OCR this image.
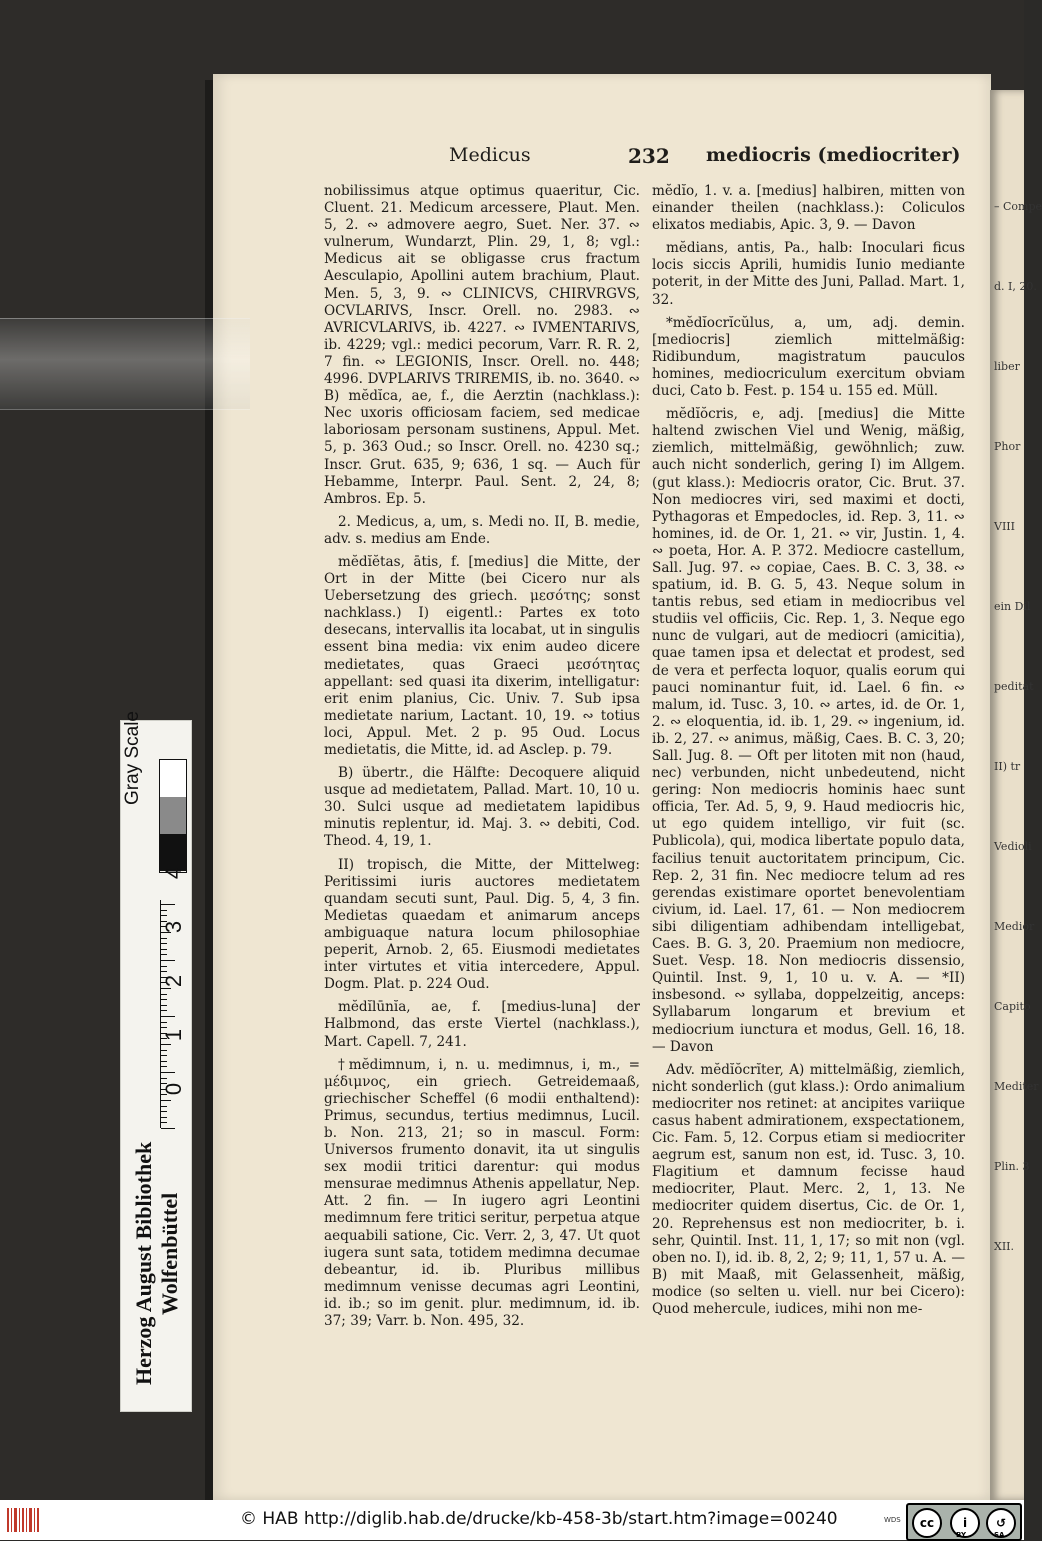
– Compe
d. I, 20.
liber
Phor
VIII
ein Dil
peditat
II) tr
Vedioli
Medior
Capito
Mediter
Plin. 3
XII.
Medicus	232 mediocris (mediocriter)

nobilissimus atque optimus quaeritur, Cic. Cluent. 21. Medicum arcessere, Plaut. Men. 5, 2. ∾ admovere aegro, Suet. Ner. 37. ∾ vulnerum, Wundarzt, Plin. 29, 1, 8; vgl.: Medicus ait se obligasse crus fractum Aesculapio, Apollini autem brachium, Plaut. Men. 5, 3, 9. ∾ CLINICVS, CHIRVRGVS, OCVLARIVS, Inscr. Orell. no. 2983. ∾ AVRICVLARIVS, ib. 4227. ∾ IVMENTARIVS, ib. 4229; vgl.: medici pecorum, Varr. R. R. 2, 7 fin. ∾ LEGIONIS, Inscr. Orell. no. 448; 4996. DVPLARIVS TRIREMIS, ib. no. 3640. ∾ B) mĕdĭca, ae, f., die Aerztin (nachklass.): Nec uxoris officiosam faciem, sed medicae laboriosam personam sustinens, Appul. Met. 5, p. 363 Oud.; so Inscr. Orell. no. 4230 sq.; Inscr. Grut. 635, 9; 636, 1 sq. — Auch für Hebamme, Interpr. Paul. Sent. 2, 24, 8; Ambros. Ep. 5.

2. Medicus, a, um, s. Medi no. II, B. medie, adv. s. medius am Ende.

mĕdĭĕtas, ātis, f. [medius] die Mitte, der Ort in der Mitte (bei Cicero nur als Uebersetzung des griech. μεσότης; sonst nachklass.) I) eigentl.: Partes ex toto desecans, intervallis ita locabat, ut in singulis essent bina media: vix enim audeo dicere medietates, quas Graeci μεσότητας appellant: sed quasi ita dixerim, intelligatur: erit enim planius, Cic. Univ. 7. Sub ipsa medietate narium, Lactant. 10, 19. ∾ totius loci, Appul. Met. 2 p. 95 Oud. Locus medietatis, die Mitte, id. ad Asclep. p. 79.

B) übertr., die Hälfte: Decoquere aliquid usque ad medietatem, Pallad. Mart. 10, 10 u. 30. Sulci usque ad medietatem lapidibus minutis replentur, id. Maj. 3. ∾ debiti, Cod. Theod. 4, 19, 1.

II) tropisch, die Mitte, der Mittelweg: Peritissimi iuris auctores medietatem quandam secuti sunt, Paul. Dig. 5, 4, 3 fin. Medietas quaedam et animarum anceps ambiguaque natura locum philosophiae peperit, Arnob. 2, 65. Eiusmodi medietates inter virtutes et vitia intercedere, Appul. Dogm. Plat. p. 224 Oud.

mĕdĭlūnĭa, ae, f. [medius-luna] der Halbmond, das erste Viertel (nachklass.), Mart. Capell. 7, 241.

†mĕdimnum, i, n. u. medimnus, i, m., = μέδιμνος, ein griech. Getreidemaaß, griechischer Scheffel (6 modii enthaltend): Primus, secundus, tertius medimnus, Lucil. b. Non. 213, 21; so in mascul. Form: Universos frumento donavit, ita ut singulis sex modii tritici darentur: qui modus mensurae medimnus Athenis appellatur, Nep. Att. 2 fin. — In iugero agri Leontini medimnum fere tritici seritur, perpetua atque aequabili satione, Cic. Verr. 2, 3, 47. Ut quot iugera sunt sata, totidem medimna decumae debeantur, id. ib. Pluribus millibus medimnum venisse decumas agri Leontini, id. ib.; so im genit. plur. medimnum, id. ib. 37; 39; Varr. b. Non. 495, 32.

mĕdĭo, 1. v. a. [medius] halbiren, mitten von einander theilen (nachklass.): Coliculos elixatos mediabis, Apic. 3, 9. — Davon

mĕdians, antis, Pa., halb: Inoculari ficus locis siccis Aprili, humidis Iunio mediante poterit, in der Mitte des Juni, Pallad. Mart. 1, 32.

*mĕdĭocrĭcŭlus, a, um, adj. demin. [mediocris] ziemlich mittelmäßig: Ridibundum, magistratum pauculos homines, mediocriculum exercitum obviam duci, Cato b. Fest. p. 154 u. 155 ed. Müll.

mĕdĭŏcris, e, adj. [medius] die Mitte haltend zwischen Viel und Wenig, mäßig, ziemlich, mittelmäßig, gewöhnlich; zuw. auch nicht sonderlich, gering I) im Allgem. (gut klass.): Mediocris orator, Cic. Brut. 37. Non mediocres viri, sed maximi et docti, Pythagoras et Empedocles, id. Rep. 3, 11. ∾ homines, id. de Or. 1, 21. ∾ vir, Justin. 1, 4. ∾ poeta, Hor. A. P. 372. Mediocre castellum, Sall. Jug. 97. ∾ copiae, Caes. B. C. 3, 38. ∾ spatium, id. B. G. 5, 43. Neque solum in tantis rebus, sed etiam in mediocribus vel studiis vel officiis, Cic. Rep. 1, 3. Neque ego nunc de vulgari, aut de mediocri (amicitia), quae tamen ipsa et delectat et prodest, sed de vera et perfecta loquor, qualis eorum qui pauci nominantur fuit, id. Lael. 6 fin. ∾ malum, id. Tusc. 3, 10. ∾ artes, id. de Or. 1, 2. ∾ eloquentia, id. ib. 1, 29. ∾ ingenium, id. ib. 2, 27. ∾ animus, mäßig, Caes. B. C. 3, 20; Sall. Jug. 8. — Oft per litoten mit non (haud, nec) verbunden, nicht unbedeutend, nicht gering: Non mediocris hominis haec sunt officia, Ter. Ad. 5, 9, 9. Haud mediocris hic, ut ego quidem intelligo, vir fuit (sc. Publicola), qui, modica libertate populo data, facilius tenuit auctoritatem principum, Cic. Rep. 2, 31 fin. Nec mediocre telum ad res gerendas existimare oportet benevolentiam civium, id. Lael. 17, 61. — Non mediocrem sibi diligentiam adhibendam intelligebat, Caes. B. G. 3, 20. Praemium non mediocre, Suet. Vesp. 18. Non mediocris dissensio, Quintil. Inst. 9, 1, 10 u. v. A. — *II) insbesond. ∾ syllaba, doppelzeitig, anceps: Syllabarum longarum et brevium et mediocrium iunctura et modus, Gell. 16, 18. — Davon

Adv. mĕdĭŏcrĭter, A) mittelmäßig, ziemlich, nicht sonderlich (gut klass.): Ordo animalium mediocriter nos retinet: at ancipites variique casus habent admirationem, exspectationem, Cic. Fam. 5, 12. Corpus etiam si mediocriter aegrum est, sanum non est, id. Tusc. 3, 10. Flagitium et damnum fecisse haud mediocriter, Plaut. Merc. 2, 1, 13. Ne mediocriter quidem disertus, Cic. de Or. 1, 20. Reprehensus est non mediocriter, b. i. sehr, Quintil. Inst. 11, 1, 17; so mit non (vgl. oben no. I), id. ib. 8, 2, 2; 9; 11, 1, 57 u. A. — B) mit Maaß, mit Gelassenheit, mäßig, modice (so selten u. viell. nur bei Cicero): Quod mehercule, iudices, mihi non me-

Gray Scale
Herzog August Bibliothek Wolfenbüttel
© HAB http://diglib.hab.de/drucke/kb-458-3b/start.htm?image=00240	WDS	cc	i	↺
BY	SA
0
1
2
3
4
